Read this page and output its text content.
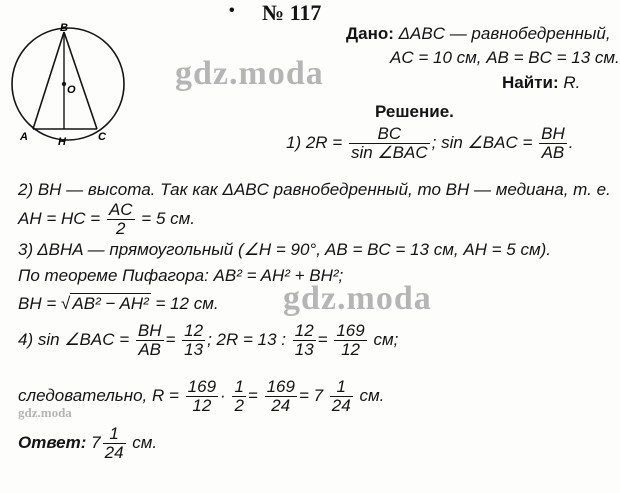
• № 117
B
O
A	H	C
gdz.moda
Дано: ΔABC — равнобедренный,
AC = 10 см, AB = BC = 13 см.
Найти: R.
Решение.
1) $2R = \frac{BC}{\text{sin ∠BAC}}$ ; sin ∠BAC = $\frac{BH}{AB}$ .
2) BH — высота. Так как ΔABC равнобедренный, то BH — медиана, т. е.
AH = HC = $\frac{AC}{2} = 5$ см.
3) ΔBHA — прямоугольный (∠H = 90°, AB = BC = 13 см, AH = 5 см).
По теореме Пифагора: AB² = AH² + BH²;
BH = √ AB² − AH² = 12 см. gdz.moda
4) sin ∠BAC = $\frac{BH}{AB} = \frac{12}{13}$ ; 2R = 13 : $\frac{12}{13} = \frac{169}{12}$ см;
следовательно, $R = \frac{169}{12} \cdot \frac{1}{2} = \frac{169}{24} = 7 \frac{1}{24}$ см.
gdz.moda
Ответ: $7 \frac{1}{24}$ см.
